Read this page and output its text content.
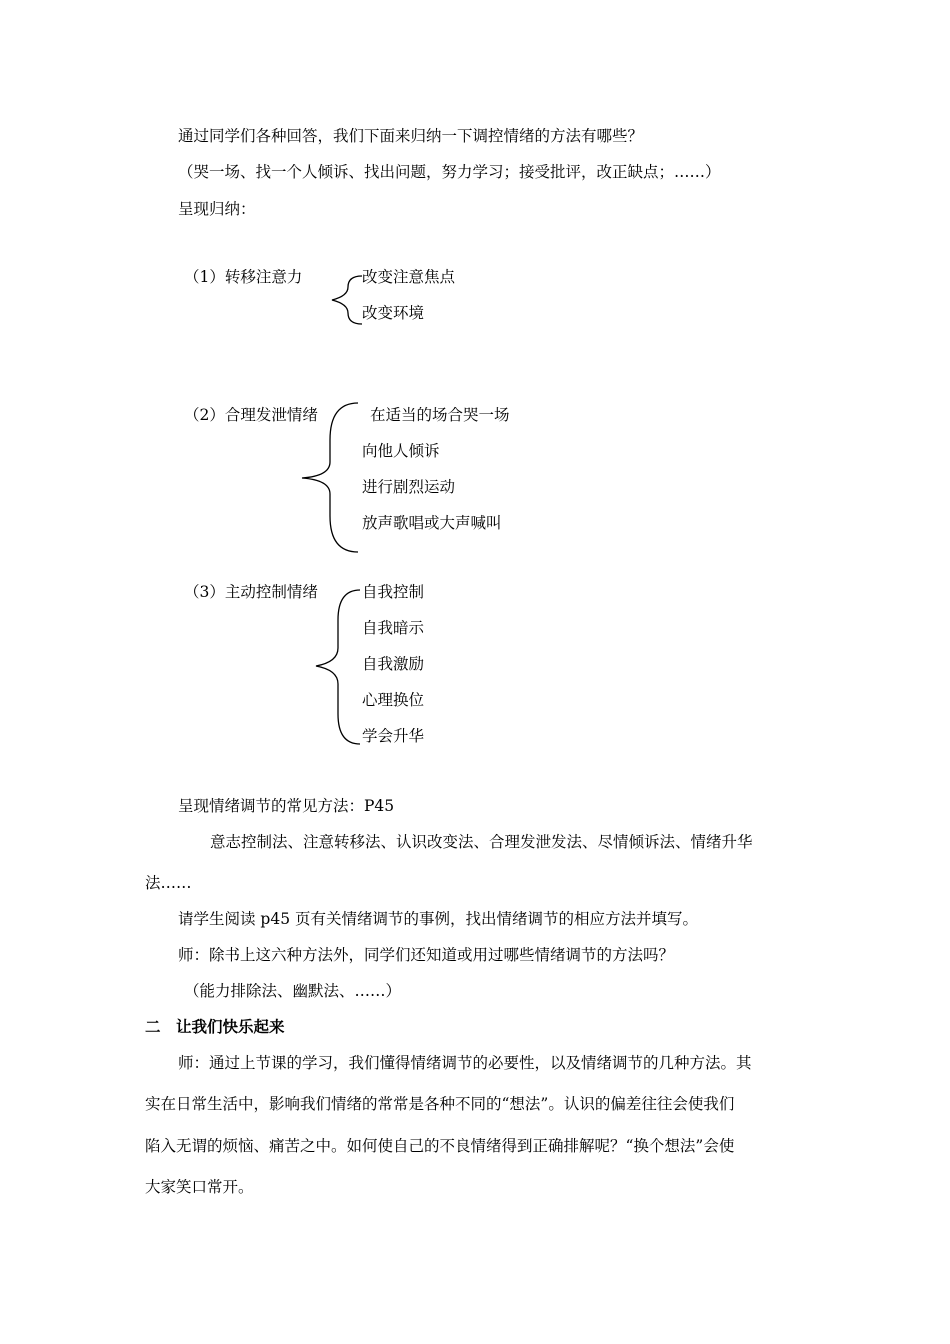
通过同学们各种回答，我们下面来归纳一下调控情绪的方法有哪些？
（哭一场、找一个人倾诉、找出问题，努力学习；接受批评，改正缺点；……）
呈现归纳：
（1）转移注意力	改变注意焦点
改变环境
（2）合理发泄情绪	在适当的场合哭一场
向他人倾诉
进行剧烈运动
放声歌唱或大声喊叫
（3）主动控制情绪	自我控制
自我暗示
自我激励
心理换位
学会升华
呈现情绪调节的常见方法：P45
意志控制法、注意转移法、认识改变法、合理发泄发法、尽情倾诉法、情绪升华
法……
请学生阅读 p45 页有关情绪调节的事例，找出情绪调节的相应方法并填写。
师：除书上这六种方法外，同学们还知道或用过哪些情绪调节的方法吗？
（能力排除法、幽默法、……）
二　让我们快乐起来
师：通过上节课的学习，我们懂得情绪调节的必要性，以及情绪调节的几种方法。其
实在日常生活中，影响我们情绪的常常是各种不同的“想法”。认识的偏差往往会使我们
陷入无谓的烦恼、痛苦之中。如何使自己的不良情绪得到正确排解呢？“换个想法”会使
大家笑口常开。
